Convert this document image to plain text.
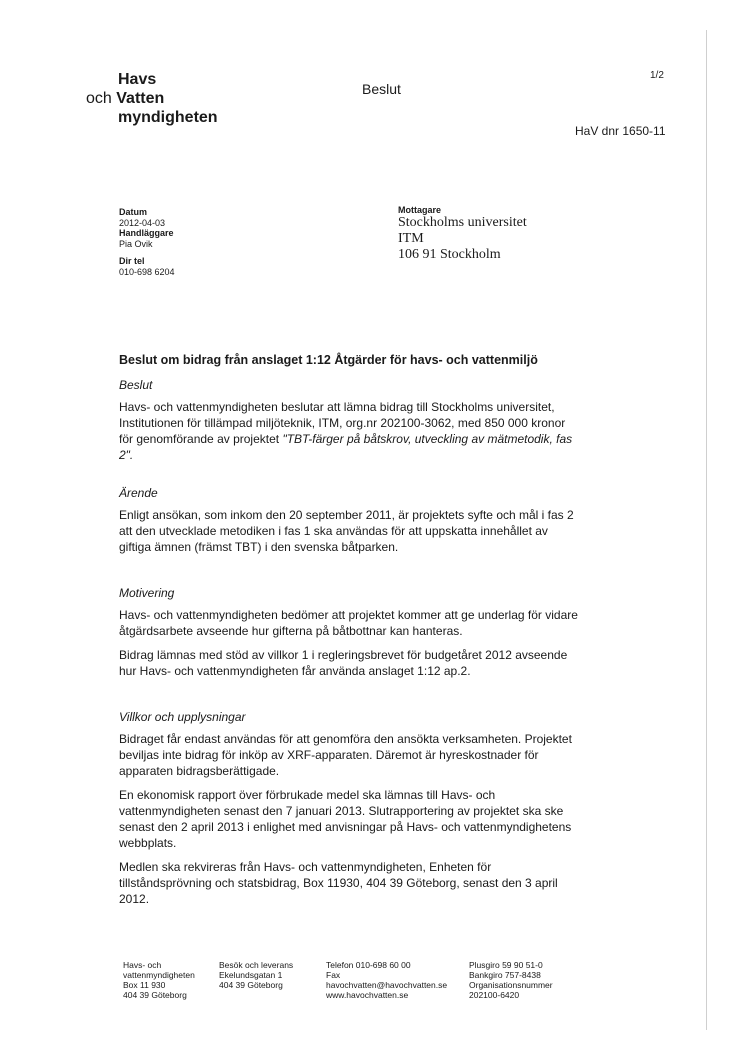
Havs
och Vatten
myndigheten
Beslut
1/2
HaV dnr 1650-11
Datum
2012-04-03
Handläggare
Pia Ovik
Dir tel
010-698 6204
Mottagare
Stockholms universitet
ITM
106 91 Stockholm
Beslut om bidrag från anslaget 1:12 Åtgärder för havs- och vattenmiljö
Beslut

Havs- och vattenmyndigheten beslutar att lämna bidrag till Stockholms universitet, Institutionen för tillämpad miljöteknik, ITM, org.nr 202100-3062, med 850 000 kronor för genomförande av projektet "TBT-färger på båtskrov, utveckling av mätmetodik, fas 2".

Ärende

Enligt ansökan, som inkom den 20 september 2011, är projektets syfte och mål i fas 2 att den utvecklade metodiken i fas 1 ska användas för att uppskatta innehållet av giftiga ämnen (främst TBT) i den svenska båtparken.

Motivering

Havs- och vattenmyndigheten bedömer att projektet kommer att ge underlag för vidare åtgärdsarbete avseende hur gifterna på båtbottnar kan hanteras.

Bidrag lämnas med stöd av villkor 1 i regleringsbrevet för budgetåret 2012 avseende hur Havs- och vattenmyndigheten får använda anslaget 1:12 ap.2.

Villkor och upplysningar

Bidraget får endast användas för att genomföra den ansökta verksamheten. Projektet beviljas inte bidrag för inköp av XRF-apparaten. Däremot är hyreskostnader för apparaten bidragsberättigade.

En ekonomisk rapport över förbrukade medel ska lämnas till Havs- och vattenmyndigheten senast den 7 januari 2013. Slutrapportering av projektet ska ske senast den 2 april 2013 i enlighet med anvisningar på Havs- och vattenmyndighetens webbplats.

Medlen ska rekvireras från Havs- och vattenmyndigheten, Enheten för tillståndsprövning och statsbidrag, Box 11930, 404 39 Göteborg, senast den 3 april 2012.

Havs- och
vattenmyndigheten
Box 11 930
404 39 Göteborg
Besök och leverans
Ekelundsgatan 1
404 39 Göteborg
Telefon 010-698 60 00
Fax
havochvatten@havochvatten.se
www.havochvatten.se
Plusgiro 59 90 51-0
Bankgiro 757-8438
Organisationsnummer
202100-6420
